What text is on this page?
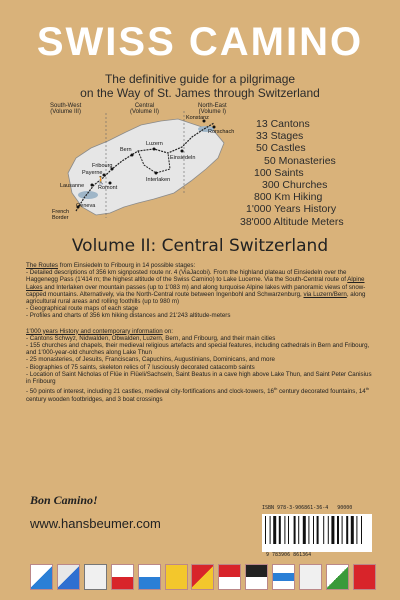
SWISS CAMINO
The definitive guide for a pilgrimage
on the Way of St. James through Switzerland
🚶
South-West
(Volume III)
Central
(Volume II)
North-East
(Volume I)
Konstanz
Rorschach
Luzern
Bern
Einsiedeln
Fribourg
Payerne
Lausanne	Romont
Interlaken
Geneva
French Border
13 Cantons
33 Stages
50 Castles
50 Monasteries
100 Saints
300 Churches
800 Km Hiking
1'000 Years History
38'000 Altitude Meters
Volume II: Central Switzerland

The Routes from Einsiedeln to Fribourg in 14 possible stages:

- Detailed descriptions of 356 km signposted route nr. 4 (ViaJacobi). From the highland plateau of Einsiedeln over the Haggenegg Pass (1'414 m; the highest altitude of the Swiss Camino) to Lake Lucerne. Via the South-Central route of Alpine Lakes and Interlaken over mountain passes (up to 1'083 m) and along turquoise Alpine lakes with panoramic views of snow-capped mountains. Alternatively, via the North-Central route between Ingenbohl and Schwarzenburg, via Luzern/Bern, along agricultural rural areas and rolling foothills (up to 980 m)

- Geographical route maps of each stage

- Profiles and charts of 356 km hiking distances and 21'243 altitude-meters

1'000 years History and contemporary information on:

- Cantons Schwyz, Nidwalden, Obwalden, Luzern, Bern, and Fribourg, and their main cities

- 155 churches and chapels, their medieval religious artefacts and special features, including cathedrals in Bern and Fribourg, and 1'000-year-old churches along Lake Thun

- 25 monasteries, of Jesuits, Franciscans, Capuchins, Augustinians, Dominicans, and more

- Biographies of 75 saints, skeleton relics of 7 lusciously decorated catacomb saints

- Location of Saint Nicholas of Flüe in Flüeli/Sachseln, Saint Beatus in a cave high above Lake Thun, and Saint Peter Canisius in Fribourg

- 50 points of interest, including 21 castles, medieval city-fortifications and clock-towers, 16th century decorated fountains, 14th century wooden footbridges, and 3 boat crossings

Bon Camino!
www.hansbeumer.com
ISBN 978-3-906861-36-4 90000
9 783906 861364
